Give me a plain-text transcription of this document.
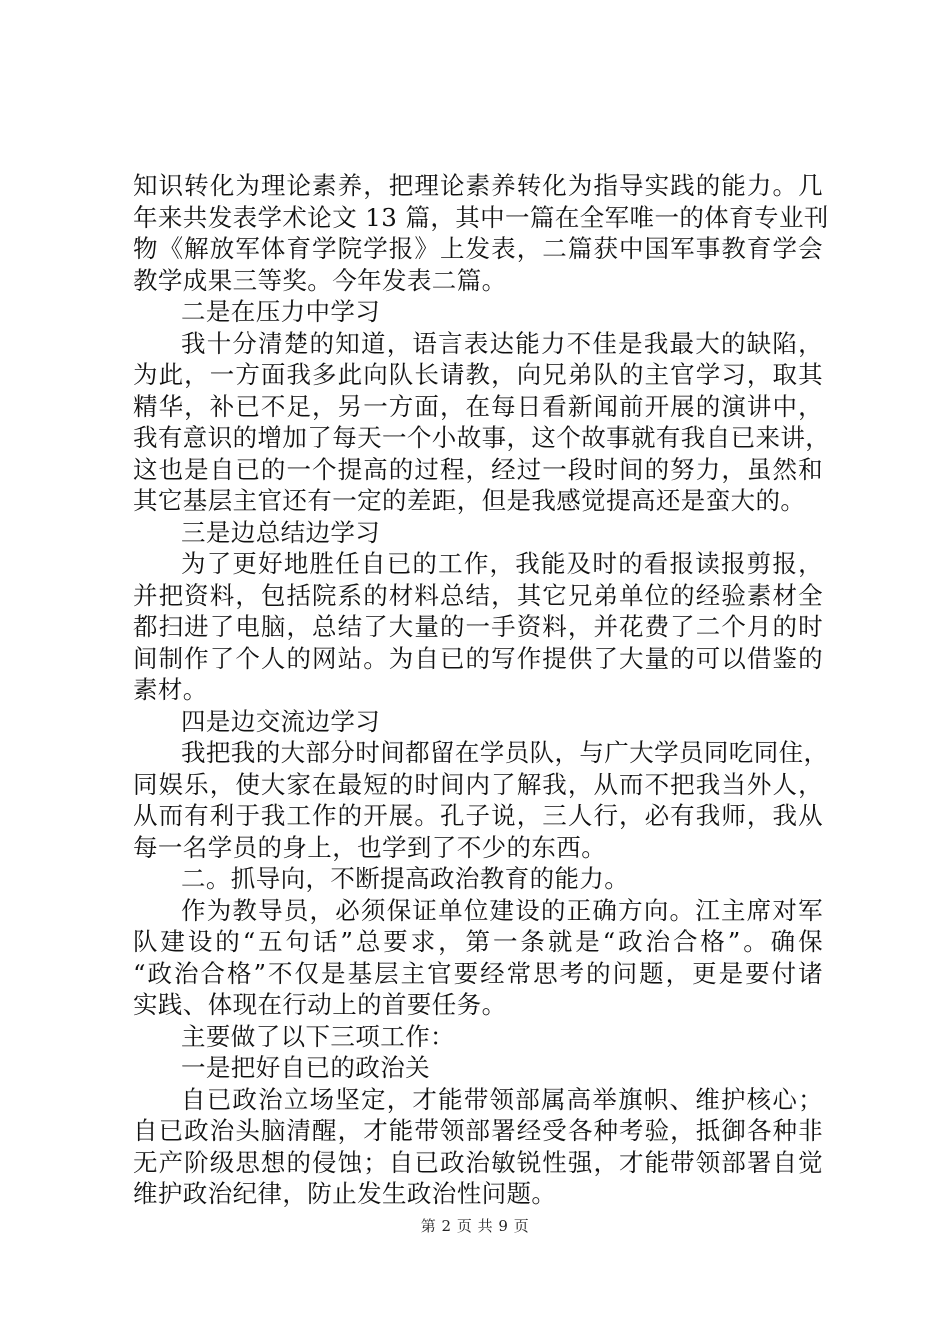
知识转化为理论素养，把理论素养转化为指导实践的能力。几
年来共发表学术论文 13 篇，其中一篇在全军唯一的体育专业刊
物《解放军体育学院学报》上发表，二篇获中国军事教育学会
教学成果三等奖。今年发表二篇。
二是在压力中学习
我十分清楚的知道，语言表达能力不佳是我最大的缺陷，
为此，一方面我多此向队长请教，向兄弟队的主官学习，取其
精华，补已不足，另一方面，在每日看新闻前开展的演讲中，
我有意识的增加了每天一个小故事，这个故事就有我自已来讲，
这也是自已的一个提高的过程，经过一段时间的努力，虽然和
其它基层主官还有一定的差距，但是我感觉提高还是蛮大的。
三是边总结边学习
为了更好地胜任自已的工作，我能及时的看报读报剪报，
并把资料，包括院系的材料总结，其它兄弟单位的经验素材全
都扫进了电脑，总结了大量的一手资料，并花费了二个月的时
间制作了个人的网站。为自已的写作提供了大量的可以借鉴的
素材。
四是边交流边学习
我把我的大部分时间都留在学员队，与广大学员同吃同住，
同娱乐，使大家在最短的时间内了解我，从而不把我当外人，
从而有利于我工作的开展。孔子说，三人行，必有我师，我从
每一名学员的身上，也学到了不少的东西。
二。抓导向，不断提高政治教育的能力。
作为教导员，必须保证单位建设的正确方向。江主席对军
队建设的“五句话”总要求，第一条就是“政治合格”。确保
“政治合格”不仅是基层主官要经常思考的问题，更是要付诸
实践、体现在行动上的首要任务。
主要做了以下三项工作：
一是把好自已的政治关
自已政治立场坚定，才能带领部属高举旗帜、维护核心；
自已政治头脑清醒，才能带领部署经受各种考验，抵御各种非
无产阶级思想的侵蚀；自已政治敏锐性强，才能带领部署自觉
维护政治纪律，防止发生政治性问题。
第 2 页 共 9 页
